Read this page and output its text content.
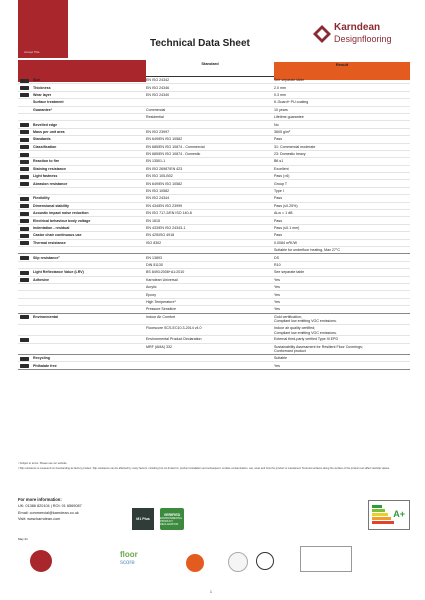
Accept Title
Technical Data Sheet
Karndean
Designflooring
Standard	Result
Size	EN ISO 24342	See separate table
Thickness	EN ISO 24346	2.0 mm
Wear layer	EN ISO 24340	0.3 mm
Surface treatment	K-Guard+ PU coating
Guarantee¹	Commercial	10 years
Residential	Lifetime guarantee
Bevelled edge	No
Mass per unit area	EN ISO 23997	3605 g/m²
Standards	EN 649/EN ISO 10582	Pass
Classification	EN 685/EN ISO 10874 - Commercial	31: Commercial moderate
EN 685/EN ISO 10874 - Domestic	23: Domestic heavy
Reaction to fire	EN 13501-1	Bfl-s1
Staining resistance	EN ISO 26987/EN 423	Excellent
Light fastness	EN ISO 105-B02	Pass (>6)
Abrasion resistance	EN 649/EN ISO 10582	Group T
EN ISO 10582	Type I
Flexibility	EN ISO 24344	Pass
Dimensional stability	EN 434/EN ISO 23999	Pass (≤0.25%)
Acoustic impact noise reduction	EN ISO 717-2/EN ISO 140-8	ΔLw = 1 dB
Electrical behaviour body voltage	EN 1815	Pass
Indentation - residual	EN 433/EN ISO 24343-1	Pass (≤0.1 mm)
Castor chair continuous use	EN 425/ISO 4918	Pass
Thermal resistance	ISO 8302	0.0084 m²K/W
Suitable for underfloor heating, Max 27°C
Slip resistance²	EN 13893	DS
DIN 51130	R10
Light Reflectance Value (LRV)	BS 8493:2008+A1:2010	See separate table
Adhesive	Karndean Universal	Yes
Acrylic	Yes
Epoxy	Yes
High Temperature¹	Yes
Pressure Sensitive	Yes
Environmental	Indoor Air Comfort	Gold certification;
Compliant low emitting VOC emissions.
Floorscore SCS-EC10.3-2014 v4.0	Indoor air quality certified;
Compliant low emitting VOC emissions.
Environmental Product Declaration	External third-party verified Type III EPD
MRF (AMA) 332	Sustainability Assessment for Resilient Floor Coverings;
Conformant product
Recycling	Suitable
Phthalate free	Yes
¹ Subject to terms. Please see our website.
² Slip resistance is measured on freestanding as factory product. Slip resistance can be affected by many factors, including but not limited to: product installation and subsequent, surface contamination, use, wear and how the product is maintained. Textured surfaces along the surface of the product can affect test/slip values.
For more information:
UK: 01386 820104 | ROI: 01 6569087
Email: commercial@karndean.co.uk
Visit: www.karndean.com	M1 Plus
VERIFIED
ENVIRONMENTAL PRODUCT DECLARATION
A+
May 21
floor
score
1
